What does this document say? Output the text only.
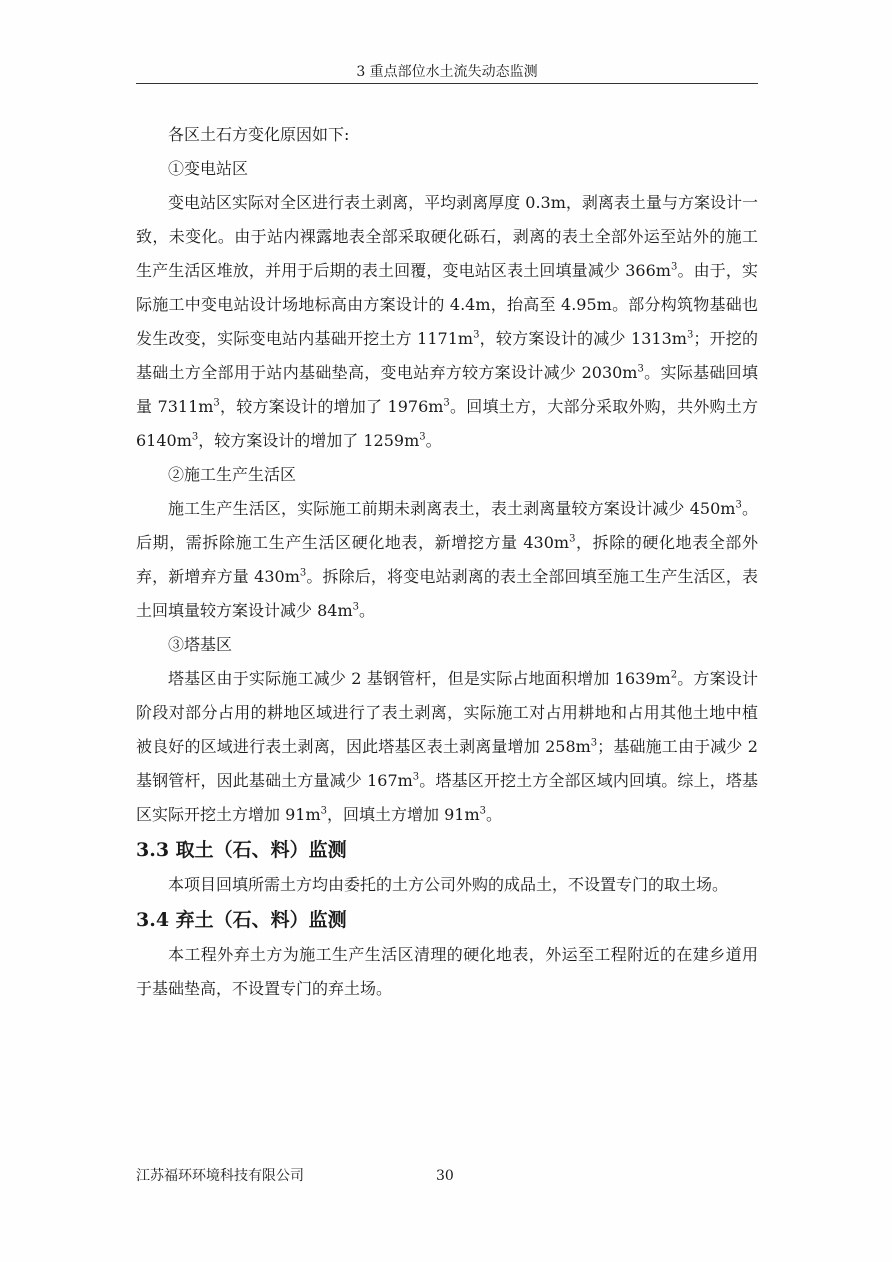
3 重点部位水土流失动态监测

各区土石方变化原因如下:

①变电站区

变电站区实际对全区进行表土剥离，平均剥离厚度 0.3m，剥离表土量与方案设计一致，未变化。由于站内裸露地表全部采取硬化砾石，剥离的表土全部外运至站外的施工生产生活区堆放，并用于后期的表土回覆，变电站区表土回填量减少 $366m^3$。由于，实际施工中变电站设计场地标高由方案设计的 4.4m，抬高至 4.95m。部分构筑物基础也发生改变，实际变电站内基础开挖土方 $1171m^3$，较方案设计的减少 $1313m^3$；开挖的基础土方全部用于站内基础垫高，变电站弃方较方案设计减少 $2030m^3$。实际基础回填量 $7311m^3$，较方案设计的增加了 $1976m^3$。回填土方，大部分采取外购，共外购土方 $6140m^3$，较方案设计的增加了 $1259m^3$。

②施工生产生活区

施工生产生活区，实际施工前期未剥离表土，表土剥离量较方案设计减少 $450m^3$。后期，需拆除施工生产生活区硬化地表，新增挖方量 $430m^3$，拆除的硬化地表全部外弃，新增弃方量 $430m^3$。拆除后，将变电站剥离的表土全部回填至施工生产生活区，表土回填量较方案设计减少 $84m^3$。

③塔基区

塔基区由于实际施工减少 2 基钢管杆，但是实际占地面积增加 $1639m^2$。方案设计阶段对部分占用的耕地区域进行了表土剥离，实际施工对占用耕地和占用其他土地中植被良好的区域进行表土剥离，因此塔基区表土剥离量增加 $258m^3$；基础施工由于减少 2 基钢管杆，因此基础土方量减少 $167m^3$。塔基区开挖土方全部区域内回填。综上，塔基区实际开挖土方增加 $91m^3$，回填土方增加 $91m^3$。

3.3 取土（石、料）监测

本项目回填所需土方均由委托的土方公司外购的成品土，不设置专门的取土场。

3.4 弃土（石、料）监测

本工程外弃土方为施工生产生活区清理的硬化地表，外运至工程附近的在建乡道用于基础垫高，不设置专门的弃土场。

江苏福环环境科技有限公司	30
